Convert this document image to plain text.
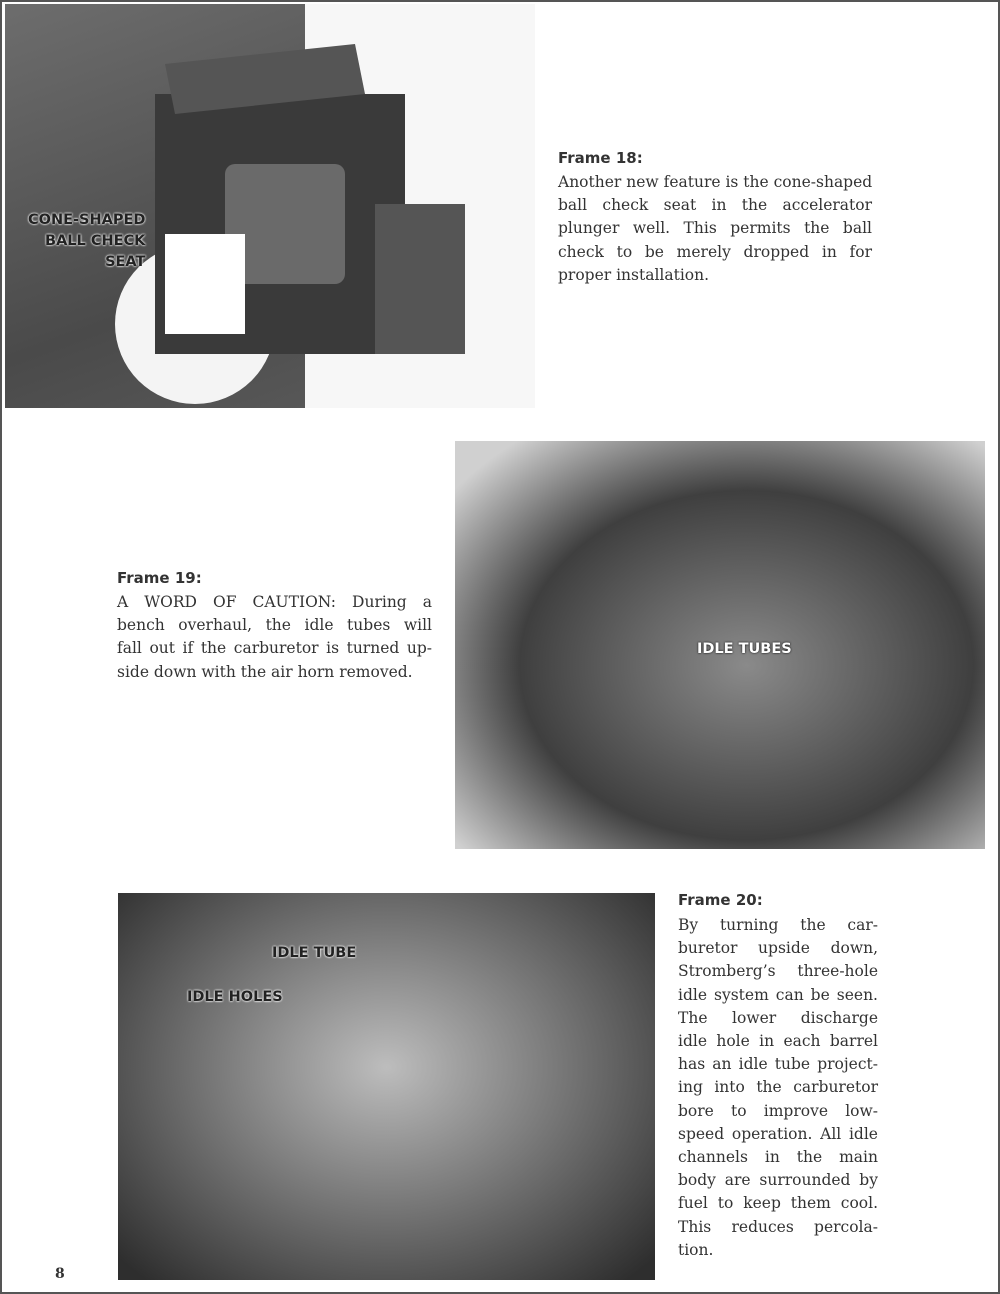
CONE-SHAPED
BALL CHECK
SEAT
Frame 18:
Another new feature is the cone-shaped
ball check seat in the accelerator
plunger well. This permits the ball
check to be merely dropped in for
proper installation.
IDLE TUBES
Frame 19:
A WORD OF CAUTION: During a
bench overhaul, the idle tubes will
fall out if the carburetor is turned up-
side down with the air horn removed.
IDLE TUBE
IDLE HOLES
Frame 20:
By turning the car-
buretor upside down,
Stromberg’s three-hole
idle system can be seen.
The lower discharge
idle hole in each barrel
has an idle tube project-
ing into the carburetor
bore to improve low-
speed operation. All idle
channels in the main
body are surrounded by
fuel to keep them cool.
This reduces percola-
tion.
8
